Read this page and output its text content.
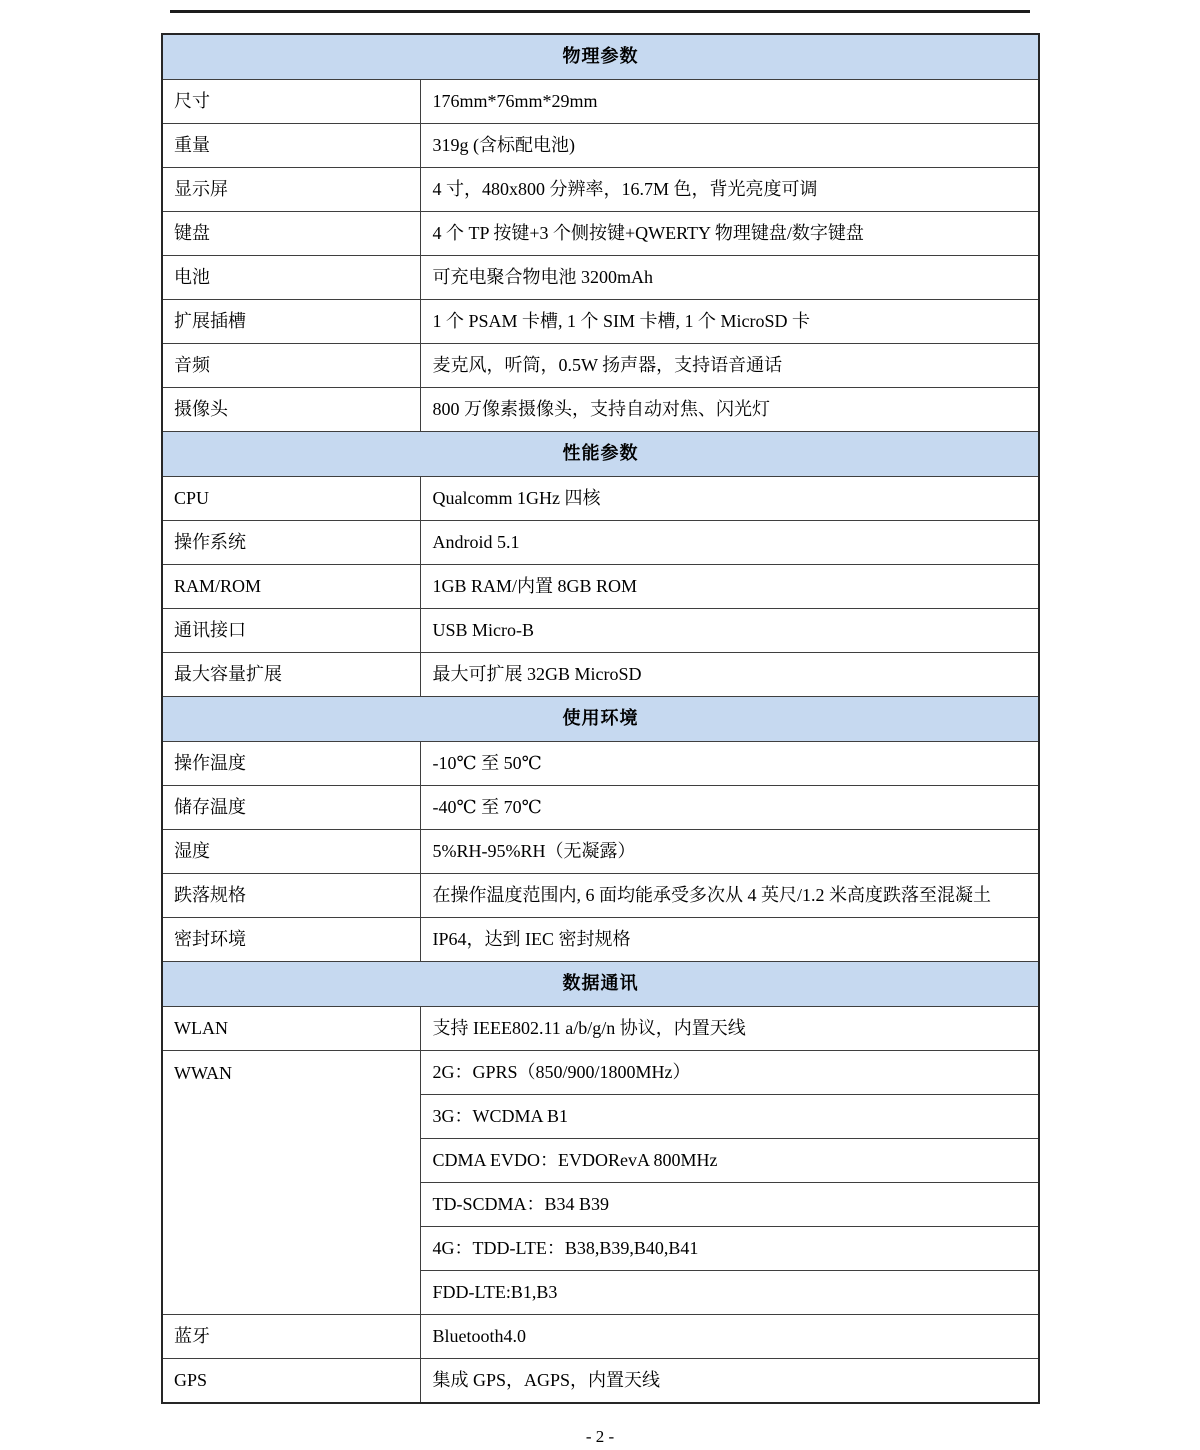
物理参数	
尺寸	176mm*76mm*29mm
重量	319g (含标配电池)
显示屏	4 寸，480x800 分辨率，16.7M 色，背光亮度可调
键盘	4 个 TP 按键+3 个侧按键+QWERTY 物理键盘/数字键盘
电池	可充电聚合物电池 3200mAh
扩展插槽	1 个 PSAM 卡槽, 1 个 SIM 卡槽, 1 个 MicroSD 卡
音频	麦克风，听筒，0.5W 扬声器，支持语音通话
摄像头	800 万像素摄像头，支持自动对焦、闪光灯
性能参数	
CPU	Qualcomm 1GHz 四核
操作系统	Android 5.1
RAM/ROM	1GB RAM/内置 8GB ROM
通讯接口	USB Micro-B
最大容量扩展	最大可扩展 32GB MicroSD
使用环境	
操作温度	-10℃ 至 50℃
储存温度	-40℃ 至 70℃
湿度	5%RH-95%RH（无凝露）
跌落规格	在操作温度范围内, 6 面均能承受多次从 4 英尺/1.2 米高度跌落至混凝土
密封环境	IP64，达到 IEC 密封规格
数据通讯	
WLAN	支持 IEEE802.11 a/b/g/n 协议，内置天线
WWAN	2G：GPRS（850/900/1800MHz）
	3G：WCDMA B1
	CDMA EVDO：EVDORevA 800MHz
	TD-SCDMA：B34 B39
	4G：TDD-LTE：B38,B39,B40,B41
	FDD-LTE:B1,B3
蓝牙	Bluetooth4.0
GPS	集成 GPS，AGPS，内置天线
- 2 -
